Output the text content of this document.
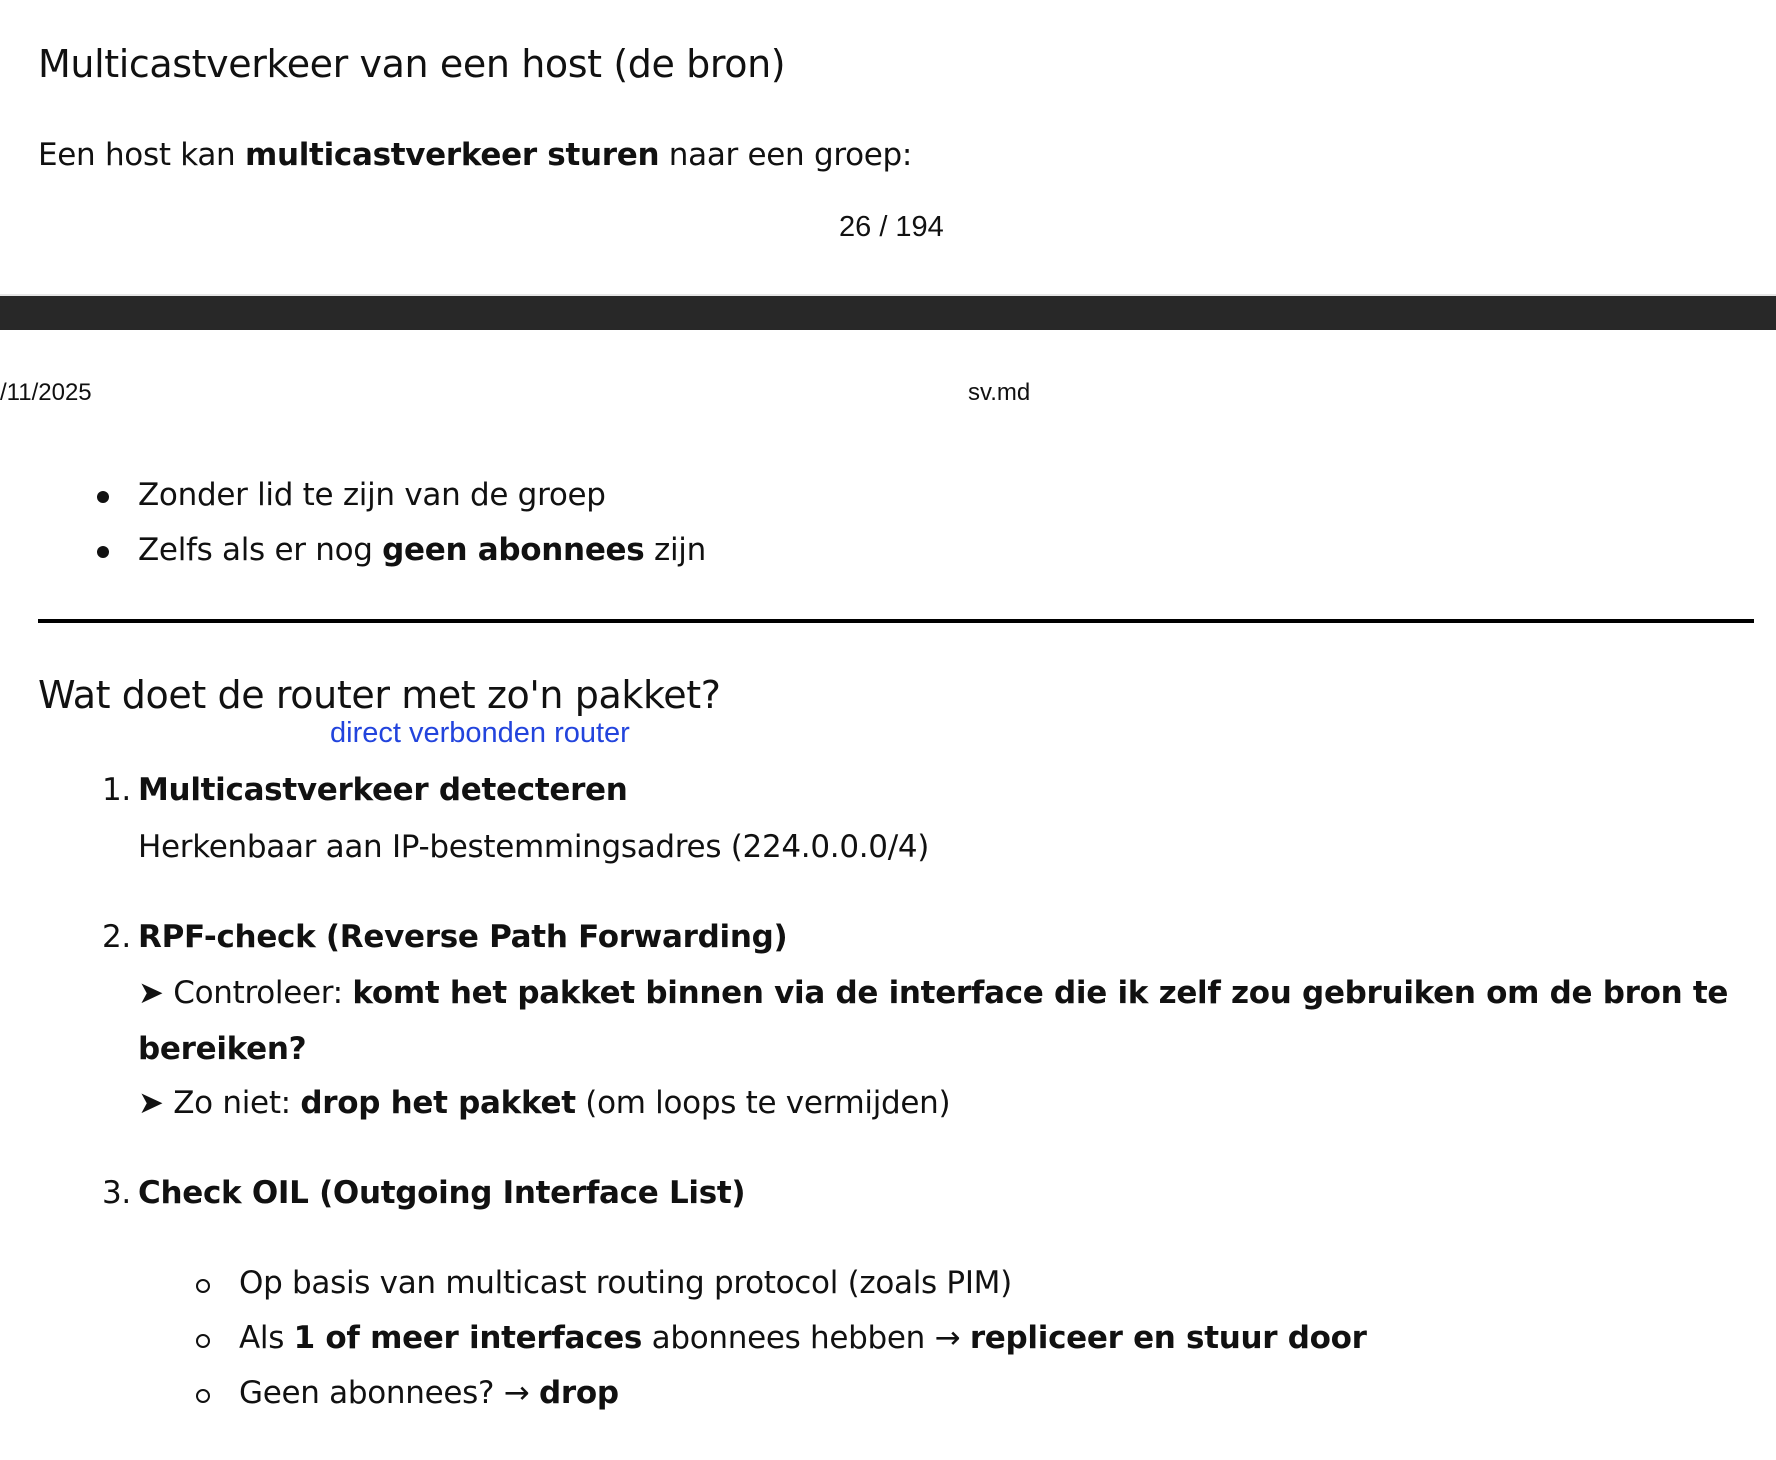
Multicastverkeer van een host (de bron)
Een host kan multicastverkeer sturen naar een groep:
26 / 194
/11/2025	sv.md
Zonder lid te zijn van de groep
Zelfs als er nog geen abonnees zijn
Wat doet de router met zo'n pakket?
direct verbonden router
1. Multicastverkeer detecteren
Herkenbaar aan IP-bestemmingsadres (224.0.0.0/4)
2. RPF-check (Reverse Path Forwarding)
➤ Controleer: komt het pakket binnen via de interface die ik zelf zou gebruiken om de bron te
bereiken?
➤ Zo niet: drop het pakket (om loops te vermijden)
3. Check OIL (Outgoing Interface List)
Op basis van multicast routing protocol (zoals PIM)
Als 1 of meer interfaces abonnees hebben → repliceer en stuur door
Geen abonnees? → drop
